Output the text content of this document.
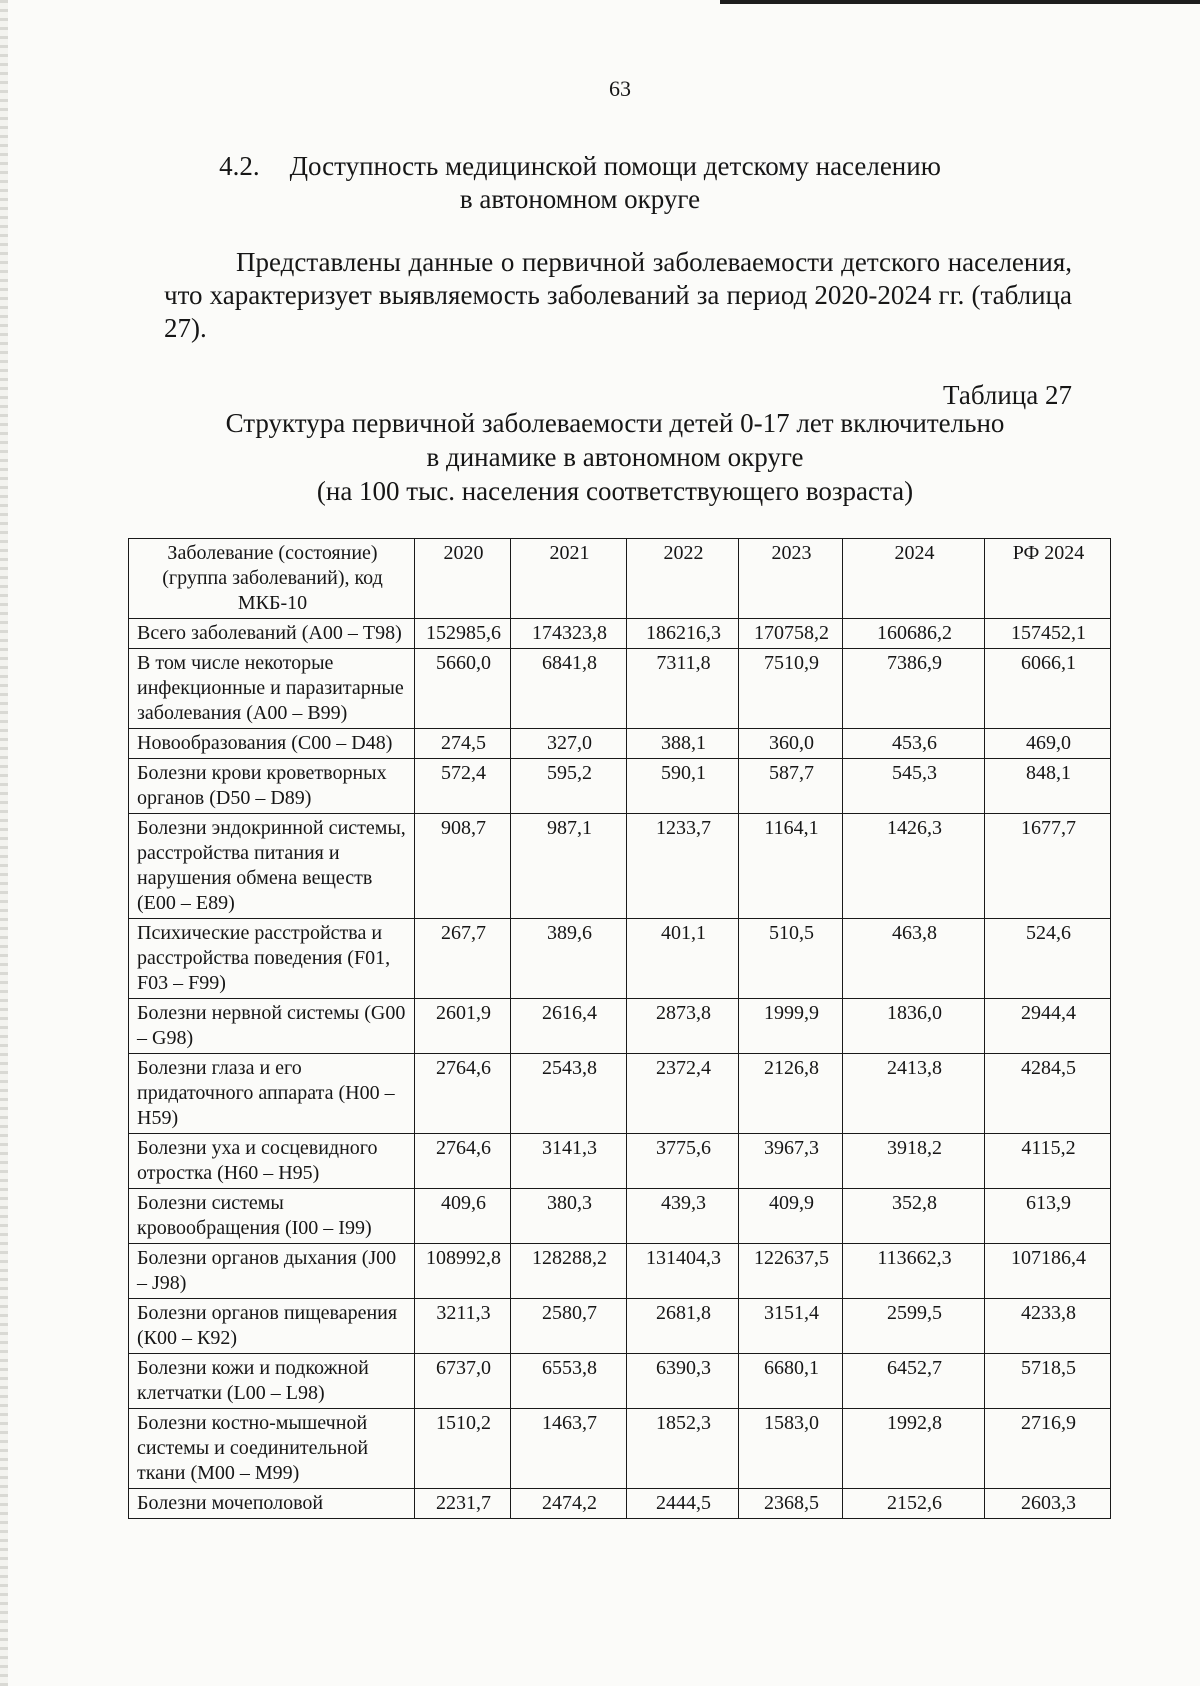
63
4.2. Доступность медицинской помощи детскому населению
в автономном округе

Представлены данные о первичной заболеваемости детского населения, что характеризует выявляемость заболеваний за период 2020-2024 гг. (таблица 27).

Таблица 27
Структура первичной заболеваемости детей 0-17 лет включительно
в динамике в автономном округе
(на 100 тыс. населения соответствующего возраста)
Заболевание (состояние) (группа заболеваний), код МКБ-10	2020	2021	2022	2023	2024	РФ 2024
Всего заболеваний (А00 – Т98)	152985,6	174323,8	186216,3	170758,2	160686,2	157452,1
В том числе некоторые инфекционные и паразитарные заболевания (А00 – В99)	5660,0	6841,8	7311,8	7510,9	7386,9	6066,1
Новообразования (С00 – D48)	274,5	327,0	388,1	360,0	453,6	469,0
Болезни крови кроветворных органов (D50 – D89)	572,4	595,2	590,1	587,7	545,3	848,1
Болезни эндокринной системы, расстройства питания и нарушения обмена веществ (Е00 – Е89)	908,7	987,1	1233,7	1164,1	1426,3	1677,7
Психические расстройства и расстройства поведения (F01, F03 – F99)	267,7	389,6	401,1	510,5	463,8	524,6
Болезни нервной системы (G00 – G98)	2601,9	2616,4	2873,8	1999,9	1836,0	2944,4
Болезни глаза и его придаточного аппарата (Н00 – Н59)	2764,6	2543,8	2372,4	2126,8	2413,8	4284,5
Болезни уха и сосцевидного отростка (Н60 – Н95)	2764,6	3141,3	3775,6	3967,3	3918,2	4115,2
Болезни системы кровообращения (I00 – I99)	409,6	380,3	439,3	409,9	352,8	613,9
Болезни органов дыхания (J00 – J98)	108992,8	128288,2	131404,3	122637,5	113662,3	107186,4
Болезни органов пищеварения (К00 – К92)	3211,3	2580,7	2681,8	3151,4	2599,5	4233,8
Болезни кожи и подкожной клетчатки (L00 – L98)	6737,0	6553,8	6390,3	6680,1	6452,7	5718,5
Болезни костно-мышечной системы и соединительной ткани (М00 – М99)	1510,2	1463,7	1852,3	1583,0	1992,8	2716,9
Болезни мочеполовой	2231,7	2474,2	2444,5	2368,5	2152,6	2603,3
